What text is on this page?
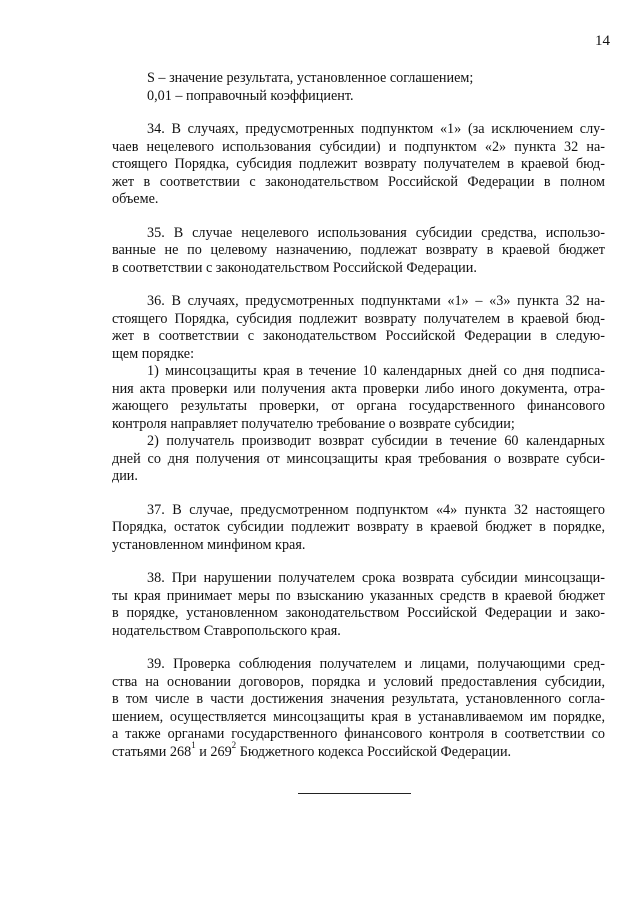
14
S – значение результата, установленное соглашением;
0,01 – поправочный коэффициент.
34. В случаях, предусмотренных подпунктом «1» (за исключением слу-
чаев нецелевого использования субсидии) и подпунктом «2» пункта 32 на-
стоящего Порядка, субсидия подлежит возврату получателем в краевой бюд-
жет в соответствии с законодательством Российской Федерации в полном
объеме.
35. В случае нецелевого использования субсидии средства, использо-
ванные не по целевому назначению, подлежат возврату в краевой бюджет
в соответствии с законодательством Российской Федерации.
36. В случаях, предусмотренных подпунктами «1» – «3» пункта 32 на-
стоящего Порядка, субсидия подлежит возврату получателем в краевой бюд-
жет в соответствии с законодательством Российской Федерации в следую-
щем порядке:
1) минсоцзащиты края в течение 10 календарных дней со дня подписа-
ния акта проверки или получения акта проверки либо иного документа, отра-
жающего результаты проверки, от органа государственного финансового
контроля направляет получателю требование о возврате субсидии;
2) получатель производит возврат субсидии в течение 60 календарных
дней со дня получения от минсоцзащиты края требования о возврате субси-
дии.
37. В случае, предусмотренном подпунктом «4» пункта 32 настоящего
Порядка, остаток субсидии подлежит возврату в краевой бюджет в порядке,
установленном минфином края.
38. При нарушении получателем срока возврата субсидии минсоцзащи-
ты края принимает меры по взысканию указанных средств в краевой бюджет
в порядке, установленном законодательством Российской Федерации и зако-
нодательством Ставропольского края.
39. Проверка соблюдения получателем и лицами, получающими сред-
ства на основании договоров, порядка и условий предоставления субсидии,
в том числе в части достижения значения результата, установленного согла-
шением, осуществляется минсоцзащиты края в устанавливаемом им порядке,
а также органами государственного финансового контроля в соответствии со
статьями $268^1$ и $269^2$ Бюджетного кодекса Российской Федерации.
